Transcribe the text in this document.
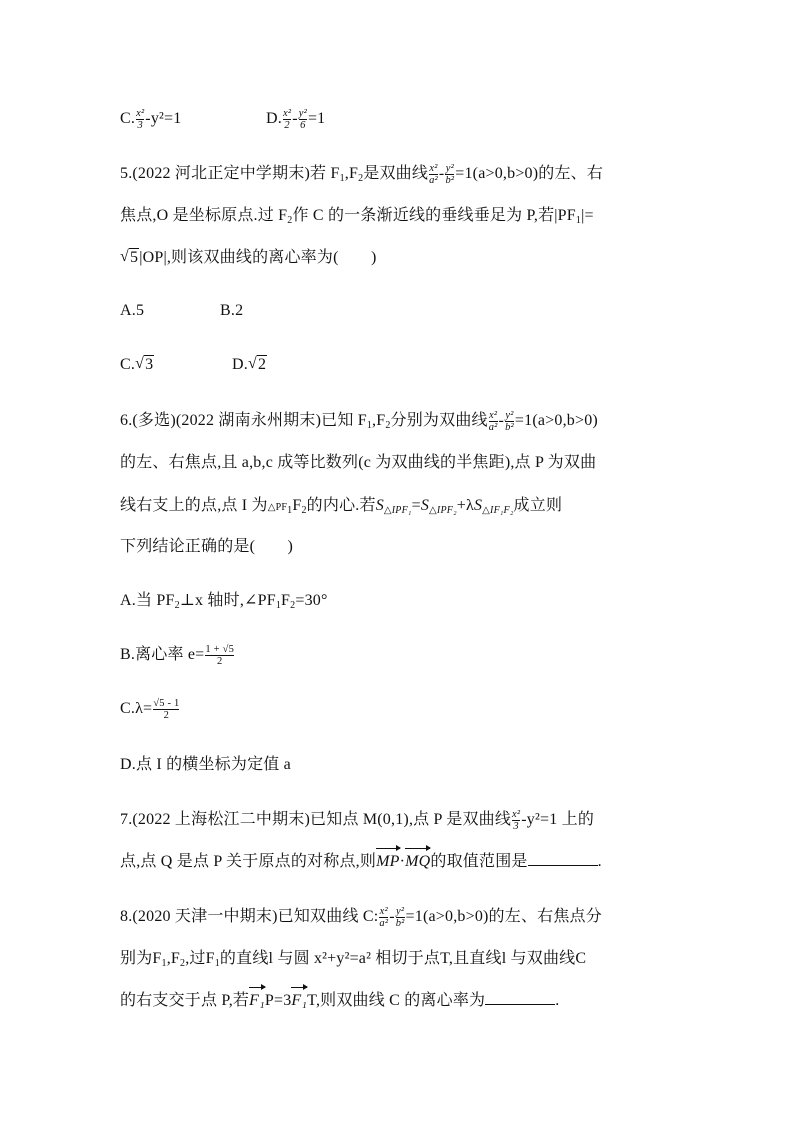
C. $\frac{\text{x²}}{3} -y^2=1$	D. $\frac{\text{x²}}{2} - \frac{\text{y²}}{6} =1$
5.(2022 河北正定中学期末)若 $F_1,F_2$是双曲线 $\frac{\text{x²}}{\text{a²}} - \frac{\text{y²}}{\text{b²}} =1(a>0,b>0)$的左、右
焦点,O 是坐标原点.过 $F_2$作 C 的一条渐近线的垂线垂足为 P,若$|PF_1|=$
√ 5|OP|,则该双曲线的离心率为(　　)
A.5	B.2
C. √ 3	D. √ 2
6.(多选)(2022 湖南永州期末)已知 $F_1,F_2$分别为双曲线 $\frac{\text{x²}}{\text{a²}} - \frac{\text{y²}}{\text{b²}} =1(a>0,b>0)$
的左、右焦点,且 a,b,c 成等比数列(c 为双曲线的半焦距),点 P 为双曲
线右支上的点,点 I 为$\triangle PF_1F_2$的内心.若$S_{\triangle IPF_1}=S_{\triangle IPF_2}+\lambda S_{\triangle IF_1F_2}$成立则
下列结论正确的是(　　)
A.当 $PF_2\perp x$ 轴时$,\angle PF_1F_2=30^\circ$
B.离心率 $e= \frac{1 + √5}{2}$
$C.\lambda= \frac{√5 - 1}{2}$
D.点 I 的横坐标为定值 a
7.(2022 上海松江二中期末)已知点 M(0,1),点 P 是双曲线 $\frac{\text{x²}}{3} -y^2=1$ 上的
点,点 Q 是点 P 关于原点的对称点,则MP·MQ的取值范围是	.
8.(2020 天津一中期末)已知双曲线 C: $\frac{\text{x²}}{\text{a²}} - \frac{\text{y²}}{\text{b²}} =1(a>0,b>0)$的左、右焦点分
别为$F_1,F_2$,过$F_1$的直线l 与圆 x²+y²=a² 相切于点T,且直线l 与双曲线C
的右支交于点 P,若F₁P=3F₁T,则双曲线 C 的离心率为	.
